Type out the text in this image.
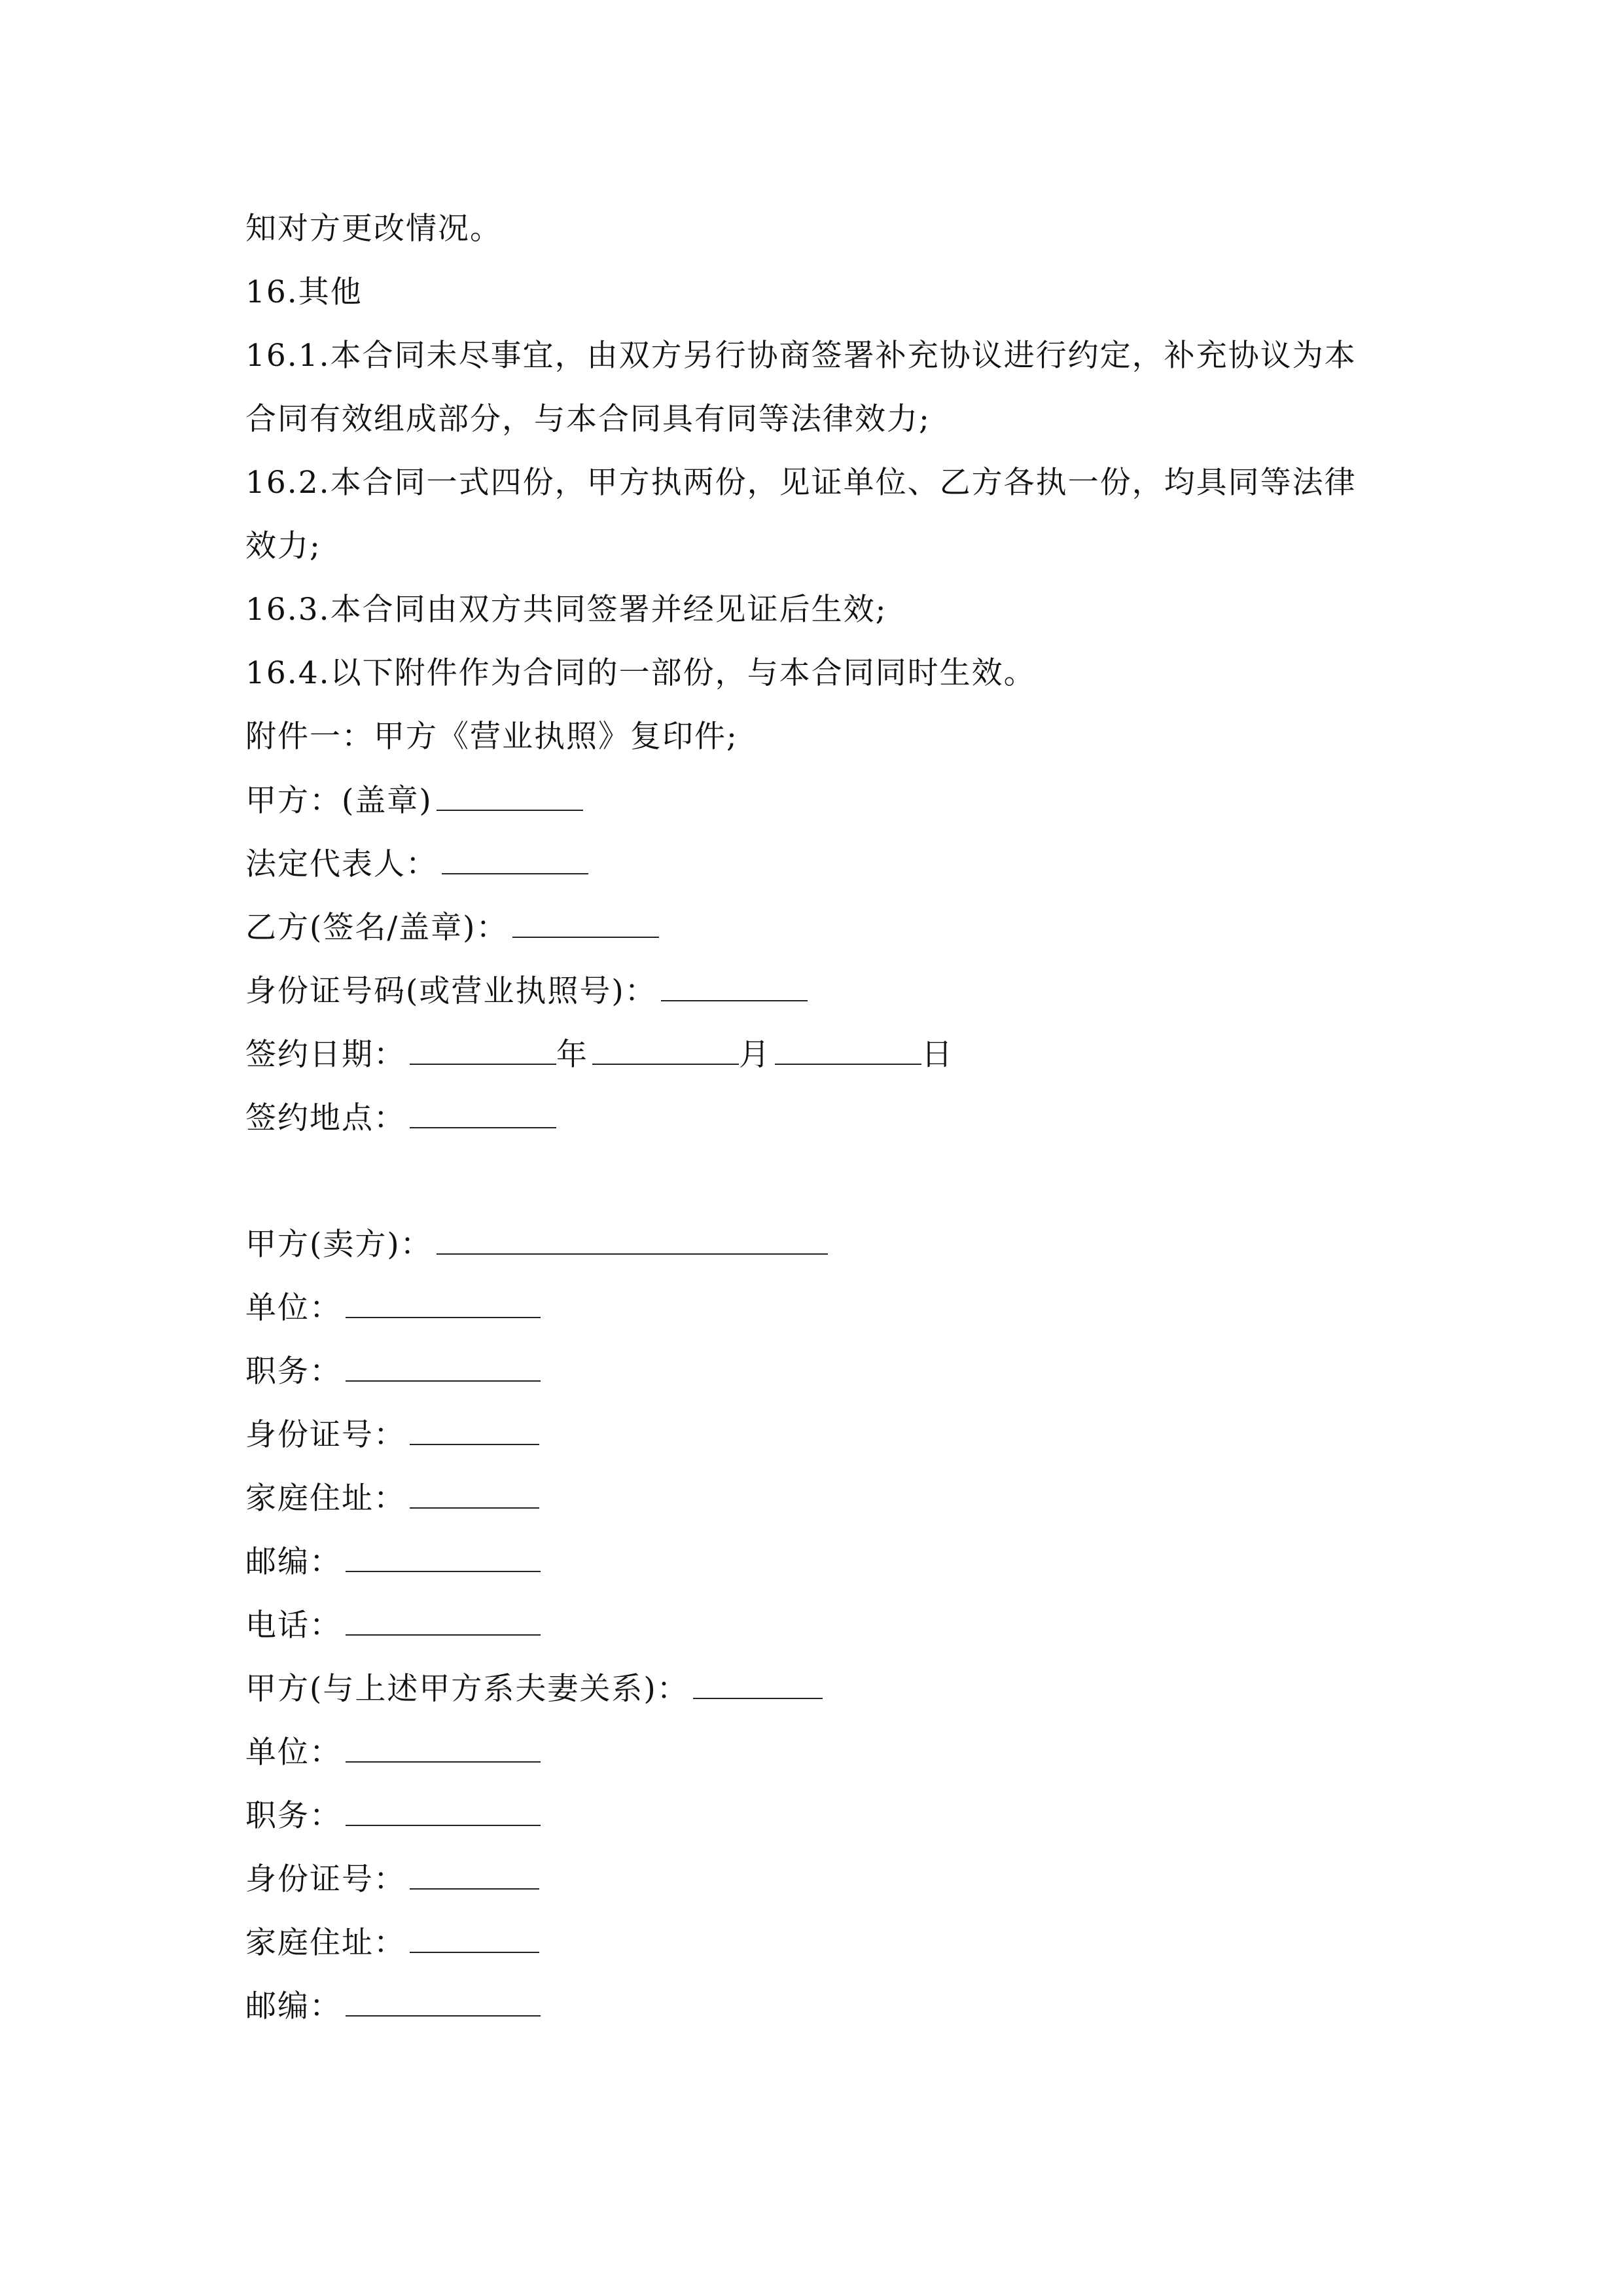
知对方更改情况。
16.其他
16.1.本合同未尽事宜，由双方另行协商签署补充协议进行约定，补充协议为本
合同有效组成部分，与本合同具有同等法律效力;
16.2.本合同一式四份，甲方执两份，见证单位、乙方各执一份，均具同等法律
效力;
16.3.本合同由双方共同签署并经见证后生效;
16.4.以下附件作为合同的一部份，与本合同同时生效。
附件一：甲方《营业执照》复印件;
甲方：(盖章)
法定代表人：
乙方(签名/盖章)：
身份证号码(或营业执照号)：
签约日期：	年	月	日
签约地点：
甲方(卖方)：
单位：
职务：
身份证号：
家庭住址：
邮编：
电话：
甲方(与上述甲方系夫妻关系)：
单位：
职务：
身份证号：
家庭住址：
邮编：
